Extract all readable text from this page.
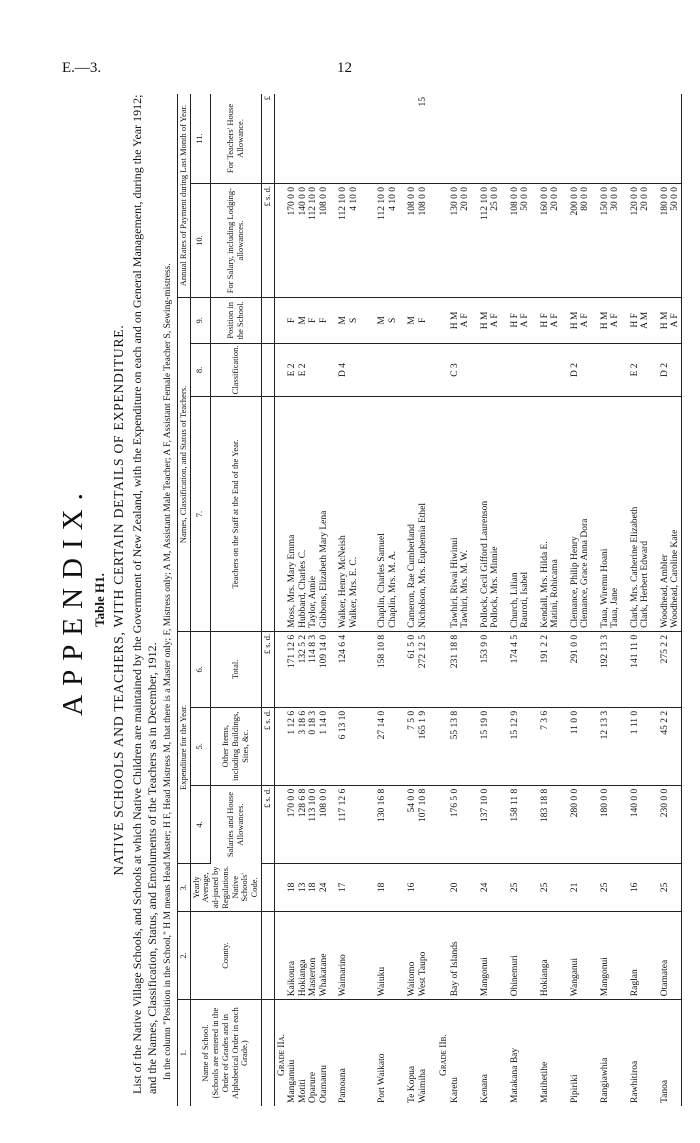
E.—3.	12
APPENDIX. Table H1. NATIVE SCHOOLS AND TEACHERS, WITH CERTAIN DETAILS OF EXPENDITURE. List of the Native Village Schools, and Schools at which Native Children are maintained by the Government of New Zealand, with the Expenditure on each and on General Management, during the Year 1912; and the Names, Classification, Status, and Emoluments of the Teachers as in December, 1912. In the column "Position in the School," H M means Head Master; H F, Head Mistress M, that there is a Master only; F, Mistress only; A M, Assistant Male Teacher; A F, Assistant Female Teacher S, Sewing-mistress. 1.	2.	3.	Expenditure for the Year.			Names, Classification, and Status of Teachers.			Annual Rates of Payment during Last Month of Year.	

Name of School. (Schools are entered in the Order of Grades and in Alphabetical Order in each Grade.)	County.	Yearly Average, ad-justed by Regulations. Native Schools' Code.	4.	5.	6.	7.	8.	9.	10.	11.
			Salaries and House Allowances.	Other Items, including Buildings, Sites, &c.	Total.	Teachers on the Staff at the End of the Year.	Classification.	Position in the School.	For Salary, including Lodging-allowances.	For Teachers' House Allowance.
			£ s. d.	£ s. d.	£ s. d.				£ s. d.	£
Grade IIa.										
Manganuiu	Kaikoura	18	170 0 0	1 12 6	171 12 6	Moss, Mrs. Mary Emma	E 2	F	170 0 0	
Motiti	Hokianga	13	128 6 8	3 18 6	132 5 2	Hubbard, Charles C.	E 2	M	140 0 0	
Oparure	Masterton	18	113 10 0	0 18 3	114 8 3	Taylor, Annie		F	112 10 0	
Otamauru	Whakatane	24	108 0 0	1 14 0	109 14 0	Gibbons, Elizabeth Mary Lena		F	108 0 0	

Pamoana	Waimarino	17	117 12 6	6 13 10	124 6 4	Walker, Henry McNeish	D 4	M	112 10 0	
						Walker, Mrs. E. C.		S	4 10 0	

Port Waikato	Waiuku	18	130 16 8	27 14 0	158 10 8	Chaplin, Charles Samuel		M	112 10 0	
						Chaplin, Mrs. M. A.		S	4 10 0	

Te Kopua	Waitomo	16	54 0 0	7 5 0	61 5 0	Cameron, Rae Cumberland		M	108 0 0	
Waimiha	West Taupo		107 10 8	165 1 9	272 12 5	Nicholson, Mrs. Euphemia Ethel		F	108 0 0	15

Grade IIb.										
Karetu	Bay of Islands	20	176 5 0	55 13 8	231 18 8	Tawhiri, Riwai Hiwinui	C 3	H M	130 0 0	
						Tawhiri, Mrs. M. W.		A F	20 0 0	

Kenana	Mangonui	24	137 10 0	15 19 0	153 9 0	Pollock, Cecil Gifford Laurenson		H M	112 10 0	
						Pollock, Mrs. Minnie		A F	25 0 0	

Matakana Bay	Ohinemuri	25	158 11 8	15 12 9	174 4 5	Church, Lilian		H F	108 0 0	
						Rauroti, Isabel		A F	50 0 0	

Matihetihe	Hokianga	25	183 18 8	7 3 6	191 2 2	Kendall, Mrs. Hilda E.		H F	160 0 0	
						Matini, Rohicama		A F	20 0 0	

Pipiriki	Wanganui	21	280 0 0	11 0 0	291 0 0	Clemance, Philip Henry	D 2	H M	200 0 0	
						Clemance, Grace Anna Dora		A F	80 0 0	

Rangiawhia	Mangonui	25	180 0 0	12 13 3	192 13 3	Taua, Wiremu Hoani		H M	150 0 0	
						Taua, Jane		A F	30 0 0	

Rawhitiroa	Raglan	16	140 0 0	1 11 0	141 11 0	Clark, Mrs. Catherine Elizabeth	E 2	H F	120 0 0	
						Clark, Herbert Edward		A M	20 0 0	

Tanoa	Otamatea	25	230 0 0	45 2 2	275 2 2	Woodhead, Ambler	D 2	H M	180 0 0	
						Woodhead, Caroline Kate		A F	50 0 0	
